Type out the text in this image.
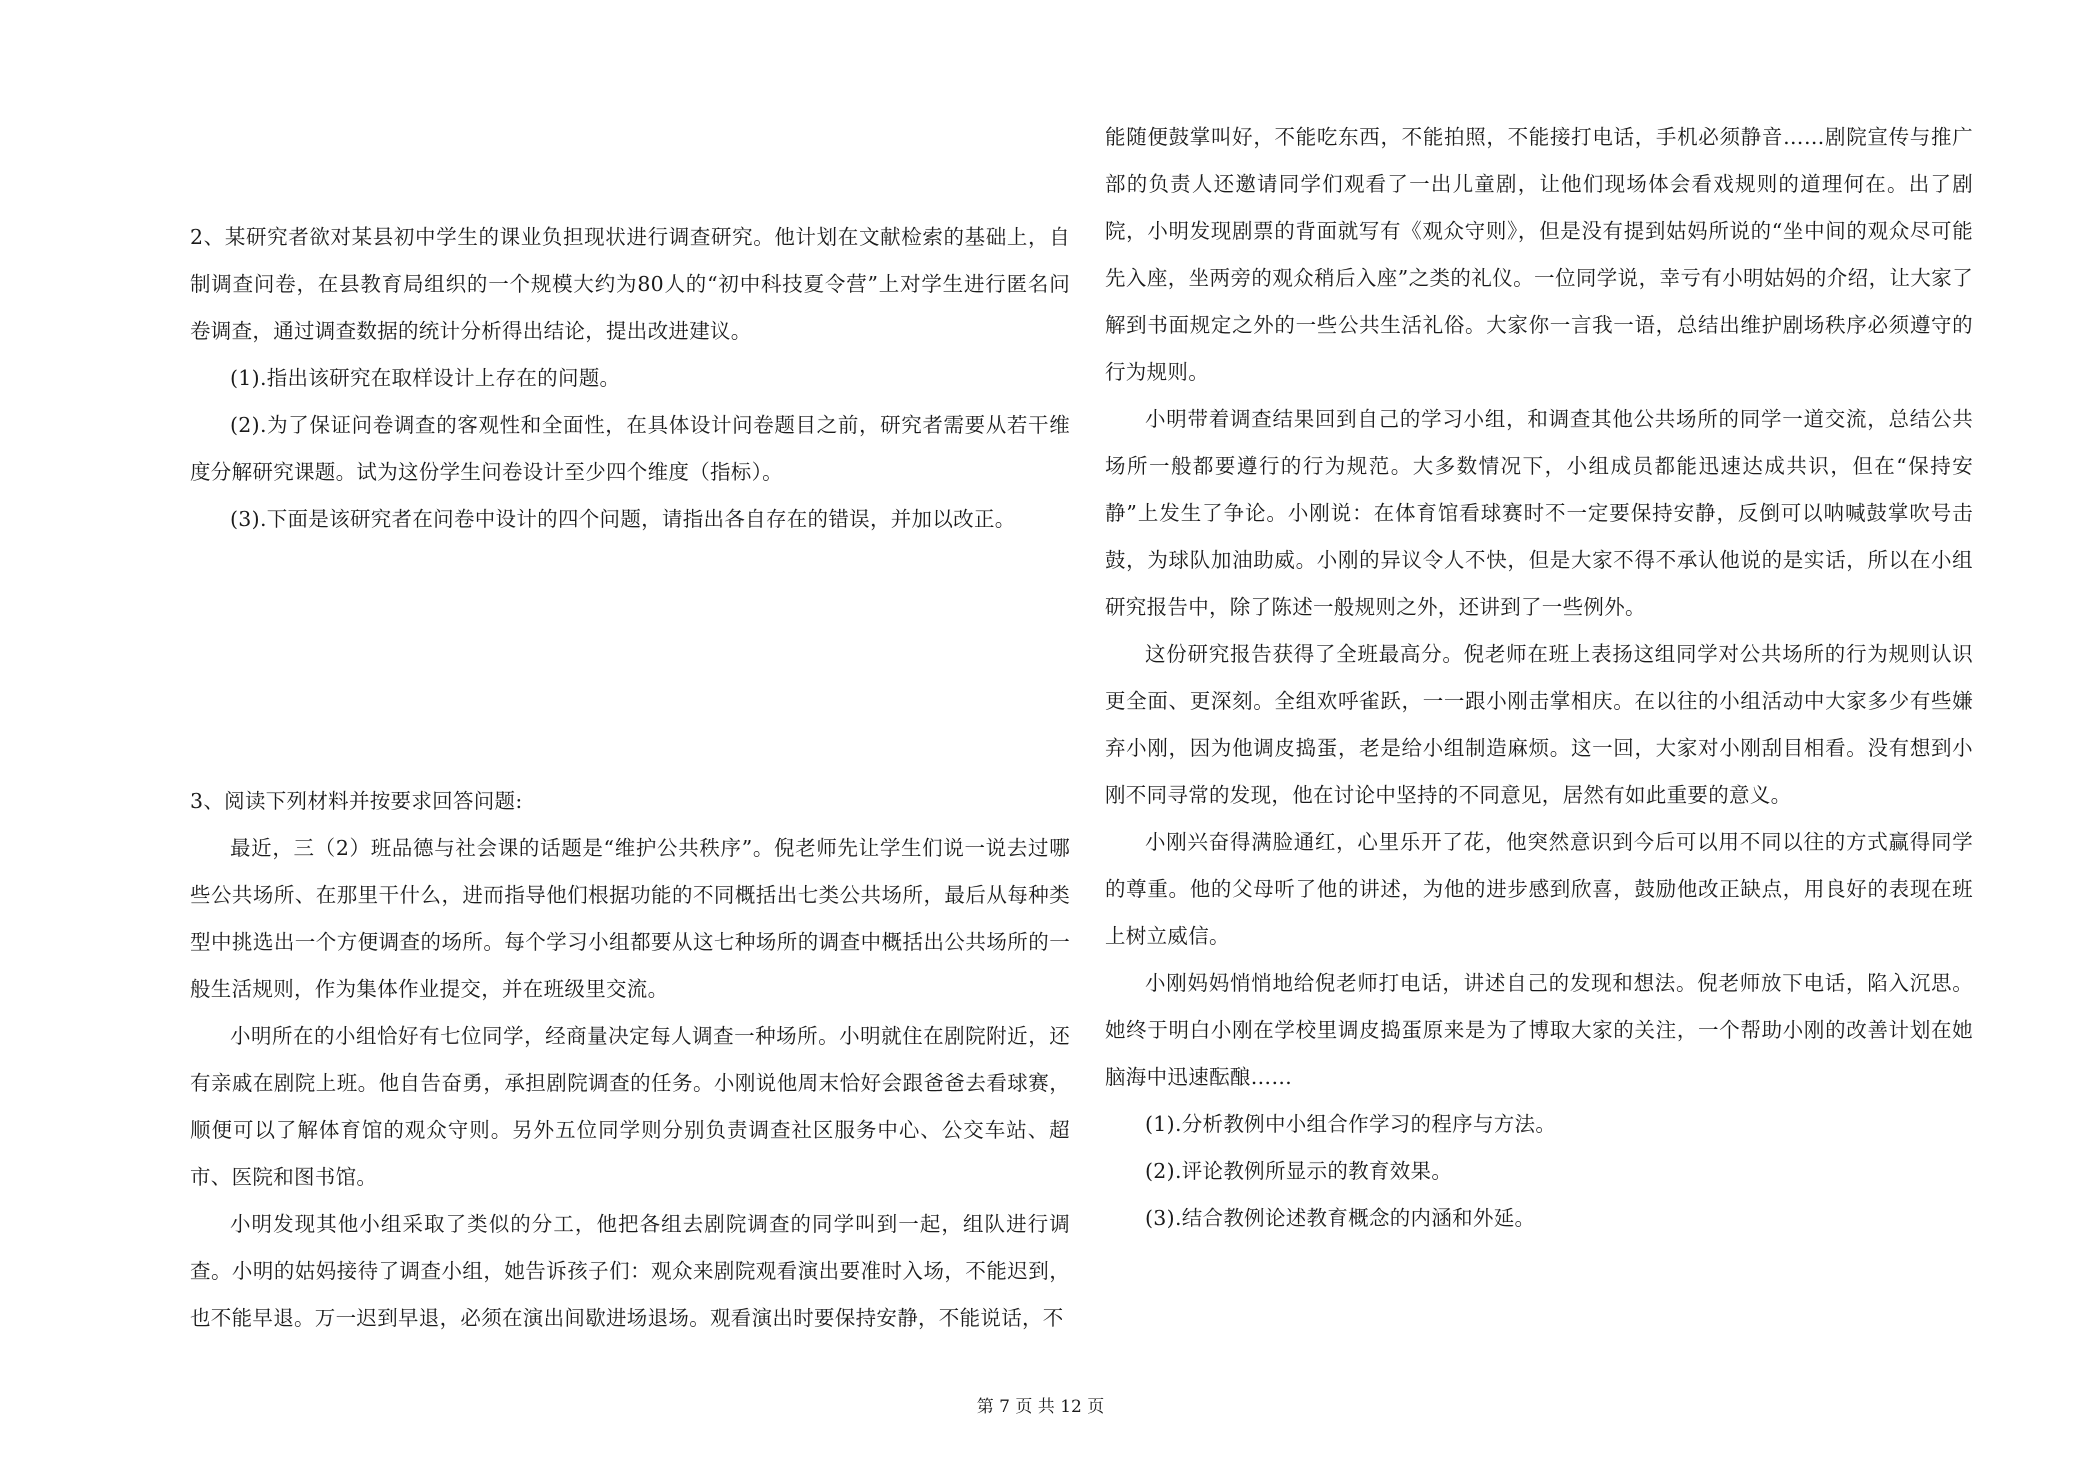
2、某研究者欲对某县初中学生的课业负担现状进行调查研究。他计划在文献检索的基础上，自制调查问卷，在县教育局组织的一个规模大约为80人的“初中科技夏令营”上对学生进行匿名问卷调查，通过调查数据的统计分析得出结论，提出改进建议。
(1).指出该研究在取样设计上存在的问题。
(2).为了保证问卷调查的客观性和全面性，在具体设计问卷题目之前，研究者需要从若干维度分解研究课题。试为这份学生问卷设计至少四个维度（指标）。
(3).下面是该研究者在问卷中设计的四个问题，请指出各自存在的错误，并加以改正。
3、阅读下列材料并按要求回答问题:
最近，三（2）班品德与社会课的话题是“维护公共秩序”。倪老师先让学生们说一说去过哪些公共场所、在那里干什么，进而指导他们根据功能的不同概括出七类公共场所，最后从每种类型中挑选出一个方便调查的场所。每个学习小组都要从这七种场所的调查中概括出公共场所的一般生活规则，作为集体作业提交，并在班级里交流。
小明所在的小组恰好有七位同学，经商量决定每人调查一种场所。小明就住在剧院附近，还有亲戚在剧院上班。他自告奋勇，承担剧院调查的任务。小刚说他周末恰好会跟爸爸去看球赛，顺便可以了解体育馆的观众守则。另外五位同学则分别负责调查社区服务中心、公交车站、超市、医院和图书馆。
小明发现其他小组采取了类似的分工，他把各组去剧院调查的同学叫到一起，组队进行调查。小明的姑妈接待了调查小组，她告诉孩子们：观众来剧院观看演出要准时入场，不能迟到，也不能早退。万一迟到早退，必须在演出间歇进场退场。观看演出时要保持安静，不能说话，不
能随便鼓掌叫好，不能吃东西，不能拍照，不能接打电话，手机必须静音……剧院宣传与推广部的负责人还邀请同学们观看了一出儿童剧，让他们现场体会看戏规则的道理何在。出了剧院，小明发现剧票的背面就写有《观众守则》，但是没有提到姑妈所说的“坐中间的观众尽可能先入座，坐两旁的观众稍后入座”之类的礼仪。一位同学说，幸亏有小明姑妈的介绍，让大家了解到书面规定之外的一些公共生活礼俗。大家你一言我一语，总结出维护剧场秩序必须遵守的行为规则。
小明带着调查结果回到自己的学习小组，和调查其他公共场所的同学一道交流，总结公共场所一般都要遵行的行为规范。大多数情况下，小组成员都能迅速达成共识，但在“保持安静”上发生了争论。小刚说：在体育馆看球赛时不一定要保持安静，反倒可以呐喊鼓掌吹号击鼓，为球队加油助威。小刚的异议令人不快，但是大家不得不承认他说的是实话，所以在小组研究报告中，除了陈述一般规则之外，还讲到了一些例外。
这份研究报告获得了全班最高分。倪老师在班上表扬这组同学对公共场所的行为规则认识更全面、更深刻。全组欢呼雀跃，一一跟小刚击掌相庆。在以往的小组活动中大家多少有些嫌弃小刚，因为他调皮捣蛋，老是给小组制造麻烦。这一回，大家对小刚刮目相看。没有想到小刚不同寻常的发现，他在讨论中坚持的不同意见，居然有如此重要的意义。
小刚兴奋得满脸通红，心里乐开了花，他突然意识到今后可以用不同以往的方式赢得同学的尊重。他的父母听了他的讲述，为他的进步感到欣喜，鼓励他改正缺点，用良好的表现在班上树立威信。
小刚妈妈悄悄地给倪老师打电话，讲述自己的发现和想法。倪老师放下电话，陷入沉思。她终于明白小刚在学校里调皮捣蛋原来是为了博取大家的关注，一个帮助小刚的改善计划在她脑海中迅速酝酿……
(1).分析教例中小组合作学习的程序与方法。
(2).评论教例所显示的教育效果。
(3).结合教例论述教育概念的内涵和外延。
第 7 页 共 12 页
